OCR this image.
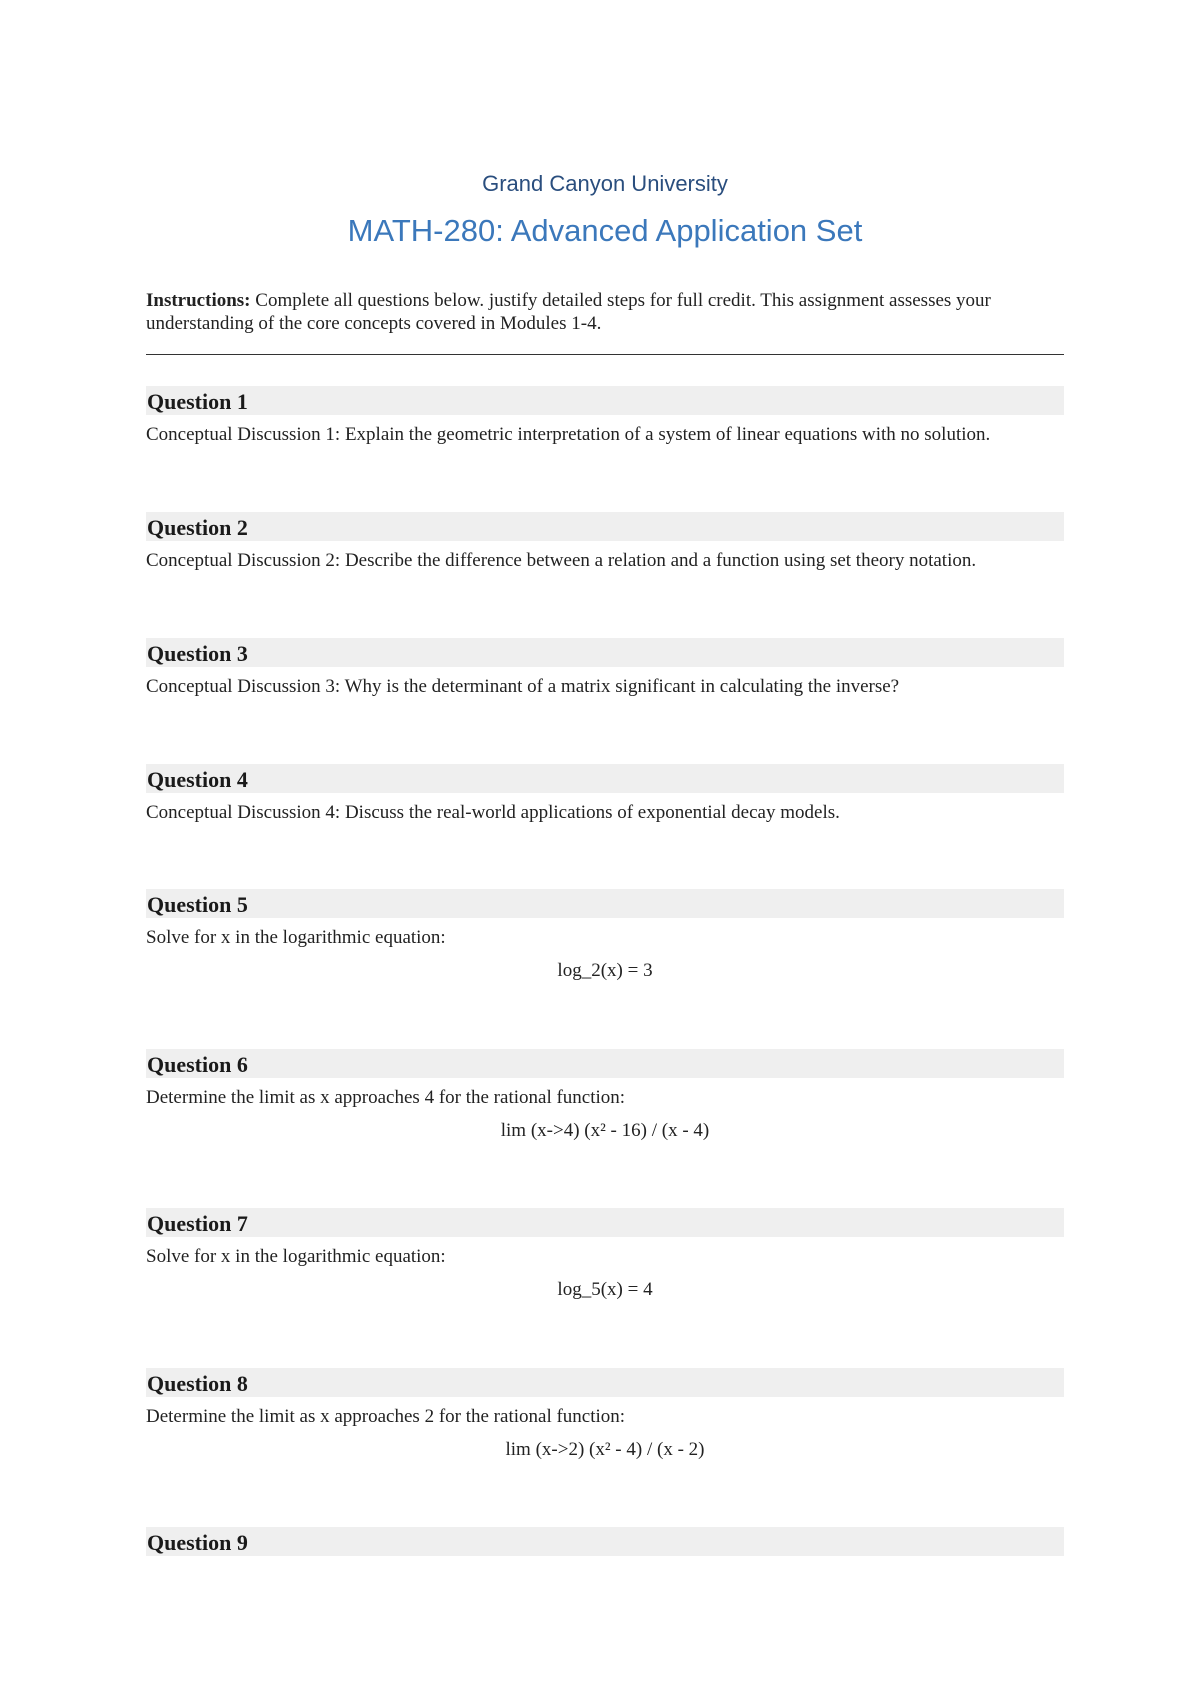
Grand Canyon University
MATH-280: Advanced Application Set
Instructions: Complete all questions below. justify detailed steps for full credit. This assignment assesses your understanding of the core concepts covered in Modules 1-4.
Question 1
Conceptual Discussion 1: Explain the geometric interpretation of a system of linear equations with no solution.
Question 2
Conceptual Discussion 2: Describe the difference between a relation and a function using set theory notation.
Question 3
Conceptual Discussion 3: Why is the determinant of a matrix significant in calculating the inverse?
Question 4
Conceptual Discussion 4: Discuss the real-world applications of exponential decay models.
Question 5
Solve for x in the logarithmic equation:
log_2(x) = 3
Question 6
Determine the limit as x approaches 4 for the rational function:
lim (x->4) (x² - 16) / (x - 4)
Question 7
Solve for x in the logarithmic equation:
log_5(x) = 4
Question 8
Determine the limit as x approaches 2 for the rational function:
lim (x->2) (x² - 4) / (x - 2)
Question 9
